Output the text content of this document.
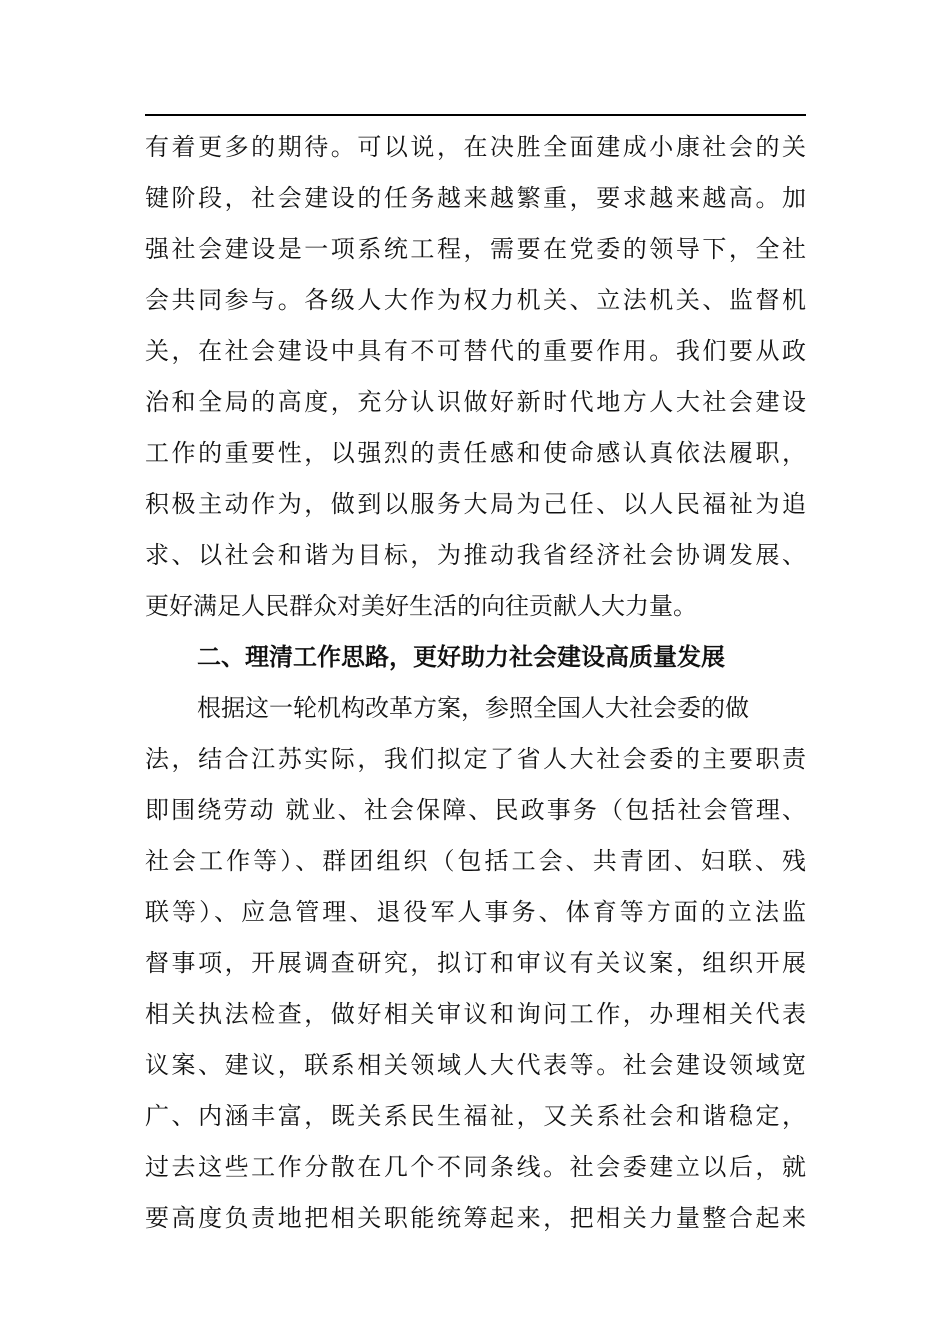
有着更多的期待。可以说，在决胜全面建成小康社会的关
键阶段，社会建设的任务越来越繁重，要求越来越高。加
强社会建设是一项系统工程，需要在党委的领导下，全社
会共同参与。各级人大作为权力机关、立法机关、监督机
关，在社会建设中具有不可替代的重要作用。我们要从政
治和全局的高度，充分认识做好新时代地方人大社会建设
工作的重要性，以强烈的责任感和使命感认真依法履职，
积极主动作为，做到以服务大局为己任、以人民福祉为追
求、以社会和谐为目标，为推动我省经济社会协调发展、
更好满足人民群众对美好生活的向往贡献人大力量。
二、理清工作思路，更好助力社会建设高质量发展
根据这一轮机构改革方案，参照全国人大社会委的做
法，结合江苏实际，我们拟定了省人大社会委的主要职责
即围绕劳动 就业、社会保障、民政事务（包括社会管理、
社会工作等）、群团组织（包括工会、共青团、妇联、残
联等）、应急管理、退役军人事务、体育等方面的立法监
督事项，开展调查研究，拟订和审议有关议案，组织开展
相关执法检查，做好相关审议和询问工作，办理相关代表
议案、建议，联系相关领域人大代表等。社会建设领域宽
广、内涵丰富，既关系民生福祉，又关系社会和谐稳定，
过去这些工作分散在几个不同条线。社会委建立以后，就
要高度负责地把相关职能统筹起来，把相关力量整合起来
